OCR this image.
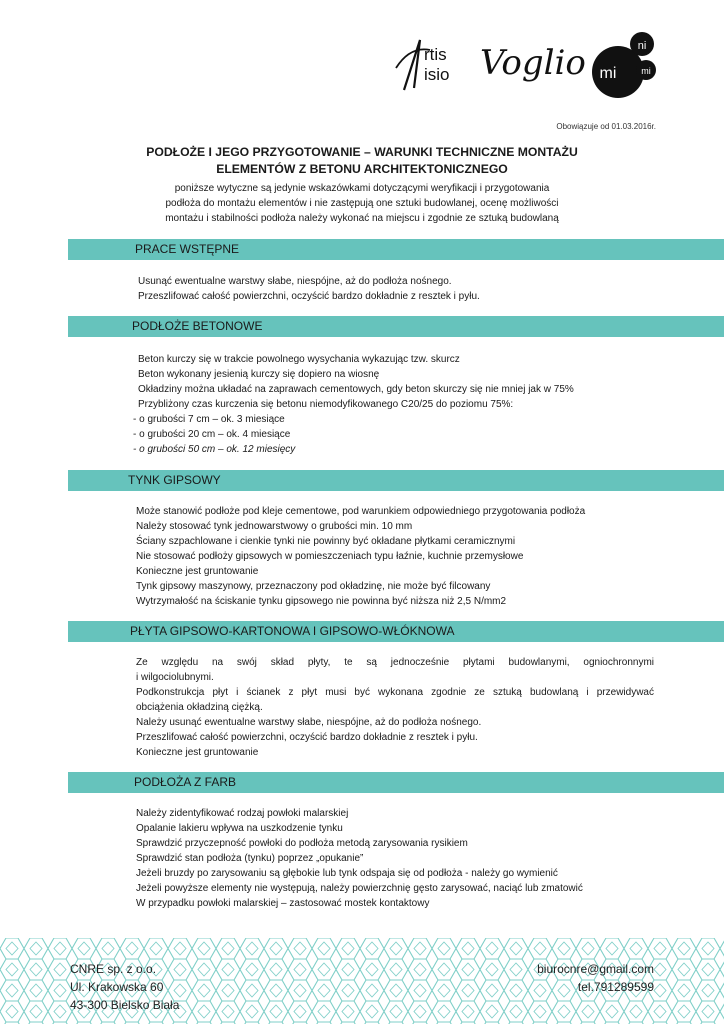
rtis
isio Voglio mi
ni
mi
Obowiązuje od 01.03.2016r.
PODŁOŻE I JEGO PRZYGOTOWANIE – WARUNKI TECHNICZNE MONTAŻU
ELEMENTÓW Z BETONU ARCHITEKTONICZNEGO
poniższe wytyczne są jedynie wskazówkami dotyczącymi weryfikacji i przygotowania
podłoża do montażu elementów i nie zastępują one sztuki budowlanej, ocenę możliwości
montażu i stabilności podłoża należy wykonać na miejscu i zgodnie ze sztuką budowlaną
PRACE WSTĘPNE
Usunąć ewentualne warstwy słabe, niespójne, aż do podłoża nośnego.
Przeszlifować całość powierzchni, oczyścić bardzo dokładnie z resztek i pyłu.
PODŁOŻE BETONOWE
Beton kurczy się w trakcie powolnego wysychania wykazując tzw. skurcz
Beton wykonany jesienią kurczy się dopiero na wiosnę
Okładziny można układać na zaprawach cementowych, gdy beton skurczy się nie mniej jak w 75%
Przybliżony czas kurczenia się betonu niemodyfikowanego C20/25 do poziomu 75%:
- o grubości 7 cm – ok. 3 miesiące
- o grubości 20 cm – ok. 4 miesiące
- o grubości 50 cm – ok. 12 miesięcy
TYNK GIPSOWY
Może stanowić podłoże pod kleje cementowe, pod warunkiem odpowiedniego przygotowania podłoża
Należy stosować tynk jednowarstwowy o grubości min. 10 mm
Ściany szpachlowane i cienkie tynki nie powinny być okładane płytkami ceramicznymi
Nie stosować podłoży gipsowych w pomieszczeniach typu łaźnie, kuchnie przemysłowe
Konieczne jest gruntowanie
Tynk gipsowy maszynowy, przeznaczony pod okładzinę, nie może być filcowany
Wytrzymałość na ściskanie tynku gipsowego nie powinna być niższa niż 2,5 N/mm2
PŁYTA GIPSOWO-KARTONOWA I GIPSOWO-WŁÓKNOWA
Ze względu na swój skład płyty, te są jednocześnie płytami budowlanymi, ogniochronnymi
i wilgociolubnymi.
Podkonstrukcja płyt i ścianek z płyt musi być wykonana zgodnie ze sztuką budowlaną i przewidywać
obciążenia okładziną ciężką.
Należy usunąć ewentualne warstwy słabe, niespójne, aż do podłoża nośnego.
Przeszlifować całość powierzchni, oczyścić bardzo dokładnie z resztek i pyłu.
Konieczne jest gruntowanie
PODŁOŻA Z FARB
Należy zidentyfikować rodzaj powłoki malarskiej
Opalanie lakieru wpływa na uszkodzenie tynku
Sprawdzić przyczepność powłoki do podłoża metodą zarysowania rysikiem
Sprawdzić stan podłoża (tynku) poprzez „opukanie”
Jeżeli bruzdy po zarysowaniu są głębokie lub tynk odspaja się od podłoża - należy go wymienić
Jeżeli powyższe elementy nie występują, należy powierzchnię gęsto zarysować, naciąć lub zmatowić
W przypadku powłoki malarskiej – zastosować mostek kontaktowy
CNRE sp. z o.o.
Ul. Krakowska 60
43-300 Bielsko Biała
biurocnre@gmail.com
tel.791289599
